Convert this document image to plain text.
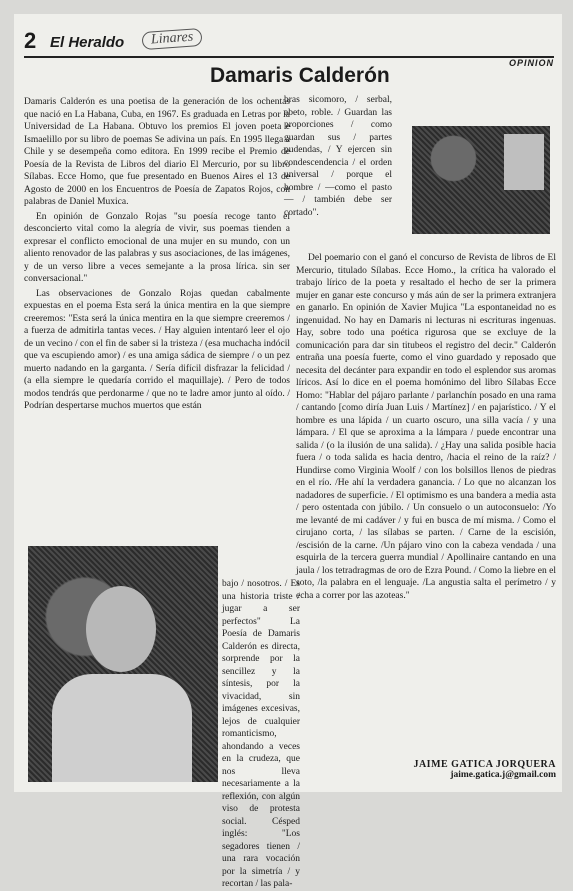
2 El Heraldo	Linares
OPINION
Damaris Calderón

Damaris Calderón es una poetisa de la generación de los ochentas que nació en La Habana, Cuba, en 1967. Es graduada en Letras por la Universidad de La Habana. Obtuvo los premios El joven poeta e Ismaelillo por su libro de poemas Se adivina un país. En 1995 llega a Chile y se desempeña como editora. En 1999 recibe el Premio de Poesía de la Revista de Libros del diario El Mercurio, por su libro Sílabas. Ecce Homo, que fue presentado en Buenos Aires el 13 de Agosto de 2000 en los Encuentros de Poesía de Zapatos Rojos, con palabras de Daniel Muxica.

En opinión de Gonzalo Rojas "su poesía recoge tanto el desconcierto vital como la alegría de vivir, sus poemas tienden a expresar el conflicto emocional de una mujer en su mundo, con un aliento renovador de las palabras y sus asociaciones, de las imágenes, y de un verso libre a veces semejante a la prosa lírica. sin ser conversacional."

Las observaciones de Gonzalo Rojas quedan cabalmente expuestas en el poema Esta será la única mentira en la que siempre creeremos: "Esta será la única mentira en la que siempre creeremos / a fuerza de admitirla tantas veces. / Hay alguien intentaró leer el ojo de un vecino / con el fin de saber si la tristeza / (esa muchacha indócil que va escupiendo amor) / es una amiga sádica de siempre / o un pez muerto nadando en la garganta. / Sería difícil disfrazar la felicidad / (a ella siempre le quedaría corrido el maquillaje). / Pero de todos modos tendrás que perdonarme / que no te ladre amor junto al oído. / Podrían despertarse muchos muertos que están

bras sicomoro, / serbal, abeto, roble. / Guardan las proporciones / como guardan sus / partes pudendas, / Y ejercen sin condescendencia / el orden universal / porque el hombre / —como el pasto— / también debe ser cortado".

Del poemario con el ganó el concurso de Revista de libros de El Mercurio, titulado Sílabas. Ecce Homo., la crítica ha valorado el trabajo lírico de la poeta y resaltado el hecho de ser la primera mujer en ganar este concurso y más aún de ser la primera extranjera en ganarlo. En opinión de Xavier Mujica "La espontaneidad no es ingenuidad. No hay en Damaris ni lecturas ni escrituras ingenuas. Hay, sobre todo una poética rigurosa que se excluye de la comunicación para dar sin titubeos el registro del decir." Calderón entraña una poesía fuerte, como el vino guardado y reposado que necesita del decánter para expandir en todo el esplendor sus aromas líricos. Así lo dice en el poema homónimo del libro Sílabas Ecce Homo: "Hablar del pájaro parlante / parlanchín posado en una rama / cantando [como diría Juan Luis / Martínez] / en pajarístico. / Y el hombre es una lápida / un cuarto oscuro, una silla vacía / y una lámpara. / El que se aproxima a la lámpara / puede encontrar una salida / (o la ilusión de una salida). / ¿Hay una salida posible hacia fuera / o toda salida es hacia dentro, /hacia el reino de la raíz? / Hundirse como Virginia Woolf / con los bolsillos llenos de piedras en el río. /He ahí la verdadera ganancia. / Lo que no alcanzan los nadadores de superficie. / El optimismo es una bandera a media asta / pero ostentada con júbilo. / Un consuelo o un autoconsuelo: /Yo me levanté de mi cadáver / y fui en busca de mí misma. / Como el cirujano corta, / las sílabas se parten. / Carne de la escisión, /escisión de la carne. /Un pájaro vino con la cabeza vendada / una esquirla de la tercera guerra mundial / Apollinaire cantando en una jaula / los tetradragmas de oro de Ezra Pound. / Como la liebre en el soto, /la palabra en el lenguaje. /La angustia salta el perímetro / y echa a correr por las azoteas."

bajo / nosotros. / Es una historia triste / jugar a ser perfectos" La Poesía de Damaris Calderón es directa, sorprende por la sencillez y la síntesis, por la vivacidad, sin imágenes excesivas, lejos de cualquier romanticismo, ahondando a veces en la crudeza, que nos lleva necesariamente a la reflexión, con algún viso de protesta social. Césped inglés: "Los segadores tienen / una rara vocación por la simetría / y recortan / las pala-

JAIME GATICA JORQUERA
jaime.gatica.j@gmail.com
